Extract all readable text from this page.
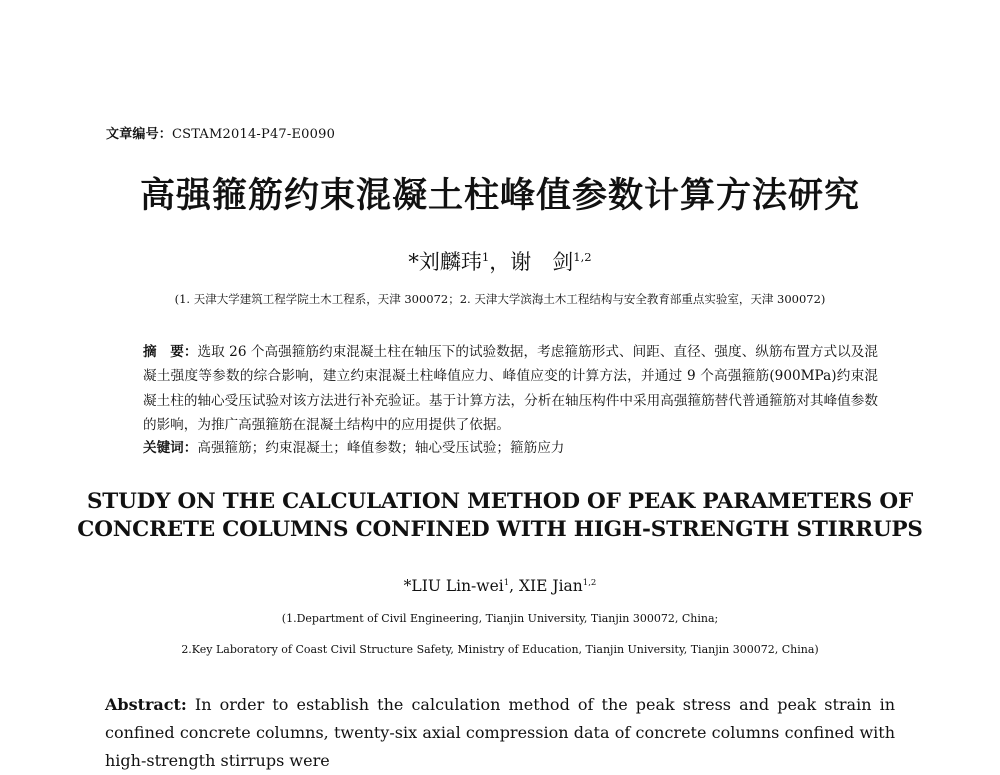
文章编号：CSTAM2014-P47-E0090
高强箍筋约束混凝土柱峰值参数计算方法研究
*刘麟玮$^1$，谢　剑$^{1,2}$
(1. 天津大学建筑工程学院土木工程系，天津 300072；2. 天津大学滨海土木工程结构与安全教育部重点实验室，天津 300072)
摘　要：选取 26 个高强箍筋约束混凝土柱在轴压下的试验数据，考虑箍筋形式、间距、直径、强度、纵筋布置方式以及混凝土强度等参数的综合影响，建立约束混凝土柱峰值应力、峰值应变的计算方法，并通过 9 个高强箍筋(900MPa)约束混凝土柱的轴心受压试验对该方法进行补充验证。基于计算方法，分析在轴压构件中采用高强箍筋替代普通箍筋对其峰值参数的影响，为推广高强箍筋在混凝土结构中的应用提供了依据。
关键词：高强箍筋；约束混凝土；峰值参数；轴心受压试验；箍筋应力
STUDY ON THE CALCULATION METHOD OF PEAK PARAMETERS OF
CONCRETE COLUMNS CONFINED WITH HIGH-STRENGTH STIRRUPS
*LIU Lin-wei$^1$, XIE Jian$^{1,2}$
(1.Department of Civil Engineering, Tianjin University, Tianjin 300072, China;
2.Key Laboratory of Coast Civil Structure Safety, Ministry of Education, Tianjin University, Tianjin 300072, China)
Abstract: In order to establish the calculation method of the peak stress and peak strain in confined concrete columns, twenty-six axial compression data of concrete columns confined with high-strength stirrups were
